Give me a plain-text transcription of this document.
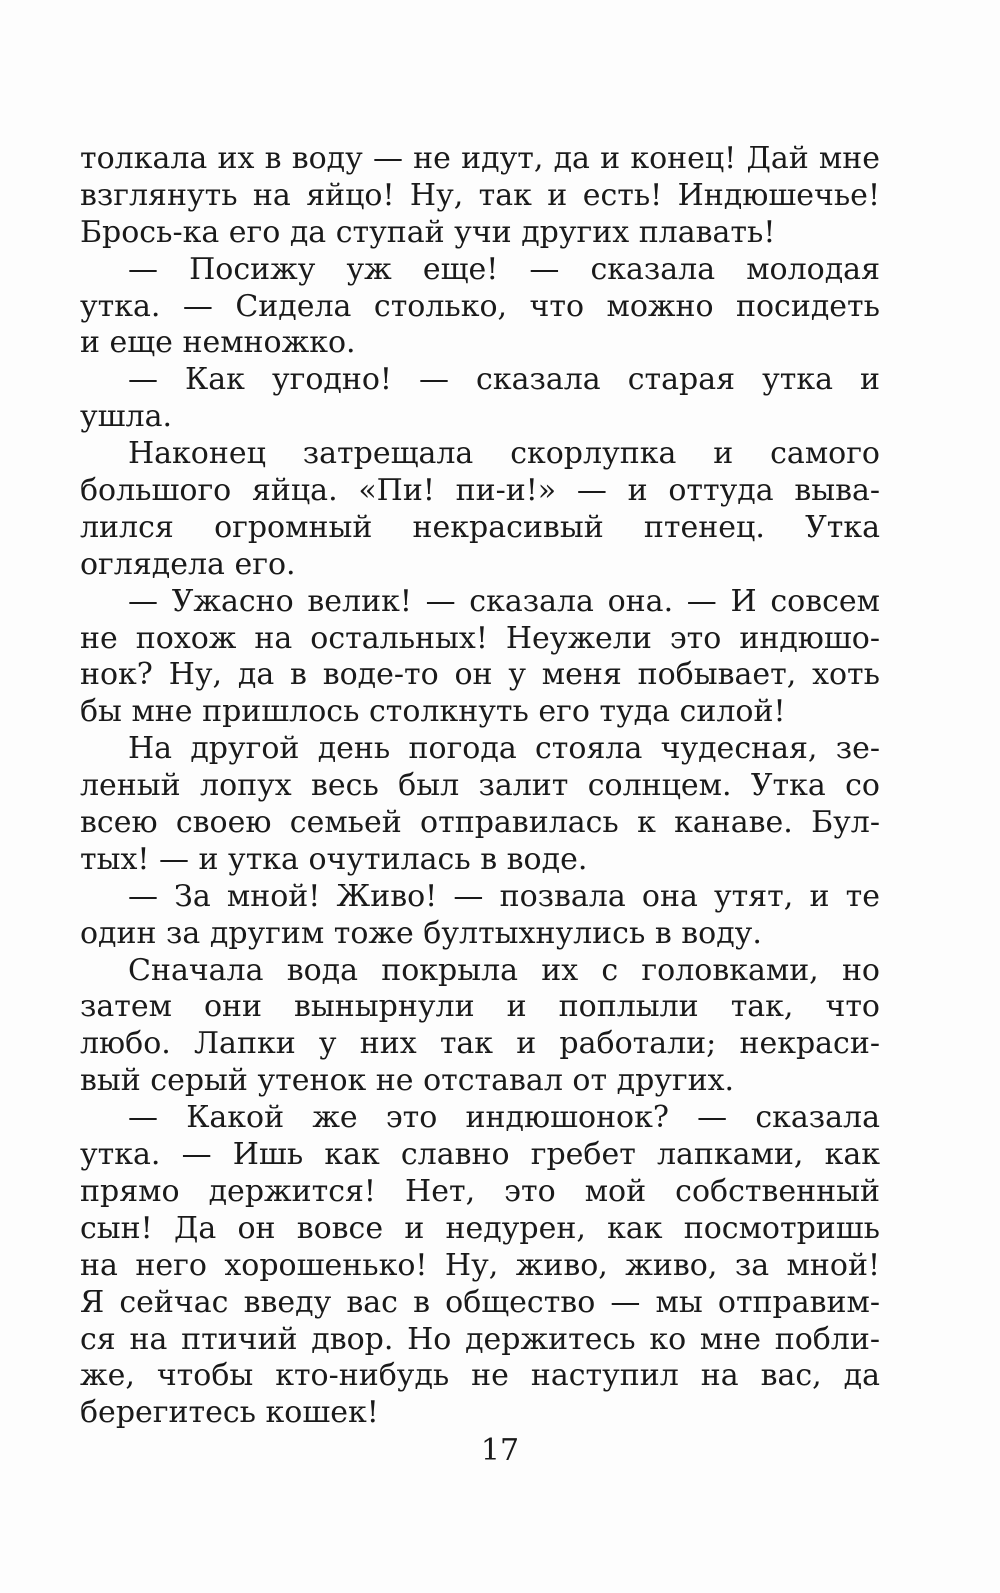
толкала их в воду — не идут, да и конец! Дай мне
взглянуть на яйцо! Ну, так и есть! Индюшечье!
Брось-ка его да ступай учи других плавать!
— Посижу уж еще! — сказала молодая
утка. — Сидела столько, что можно посидеть
и еще немножко.
— Как угодно! — сказала старая утка и
ушла.
Наконец затрещала скорлупка и самого
большого яйца. «Пи! пи-и!» — и оттуда выва-
лился огромный некрасивый птенец. Утка
оглядела его.
— Ужасно велик! — сказала она. — И совсем
не похож на остальных! Неужели это индюшо-
нок? Ну, да в воде-то он у меня побывает, хоть
бы мне пришлось столкнуть его туда силой!
На другой день погода стояла чудесная, зе-
леный лопух весь был залит солнцем. Утка со
всею своею семьей отправилась к канаве. Бул-
тых! — и утка очутилась в воде.
— За мной! Живо! — позвала она утят, и те
один за другим тоже бултыхнулись в воду.
Сначала вода покрыла их с головками, но
затем они вынырнули и поплыли так, что
любо. Лапки у них так и работали; некраси-
вый серый утенок не отставал от других.
— Какой же это индюшонок? — сказала
утка. — Ишь как славно гребет лапками, как
прямо держится! Нет, это мой собственный
сын! Да он вовсе и недурен, как посмотришь
на него хорошенько! Ну, живо, живо, за мной!
Я сейчас введу вас в общество — мы отправим-
ся на птичий двор. Но держитесь ко мне побли-
же, чтобы кто-нибудь не наступил на вас, да
берегитесь кошек!
17
